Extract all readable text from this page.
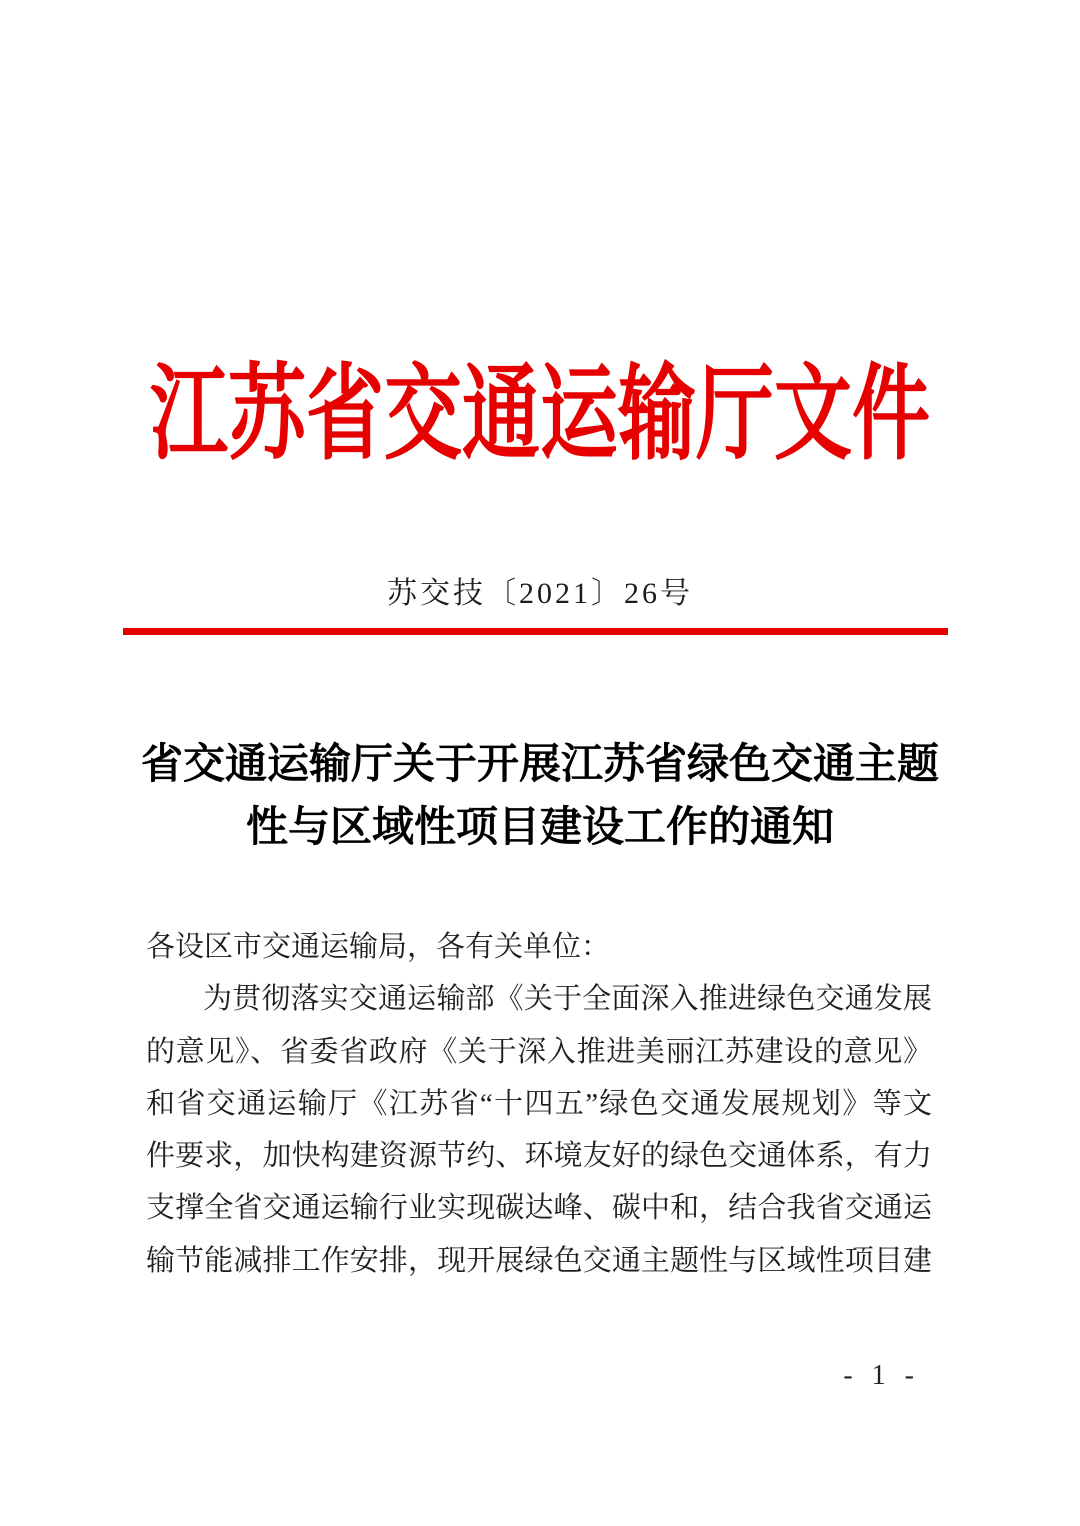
江苏省交通运输厅文件
苏交技〔2021〕26号
省交通运输厅关于开展江苏省绿色交通主题
性与区域性项目建设工作的通知
各设区市交通运输局，各有关单位：
为贯彻落实交通运输部《关于全面深入推进绿色交通发展
的意见》、省委省政府《关于深入推进美丽江苏建设的意见》
和省交通运输厅《江苏省“十四五”绿色交通发展规划》等文
件要求，加快构建资源节约、环境友好的绿色交通体系，有力
支撑全省交通运输行业实现碳达峰、碳中和，结合我省交通运
输节能减排工作安排，现开展绿色交通主题性与区域性项目建
- 1 -
